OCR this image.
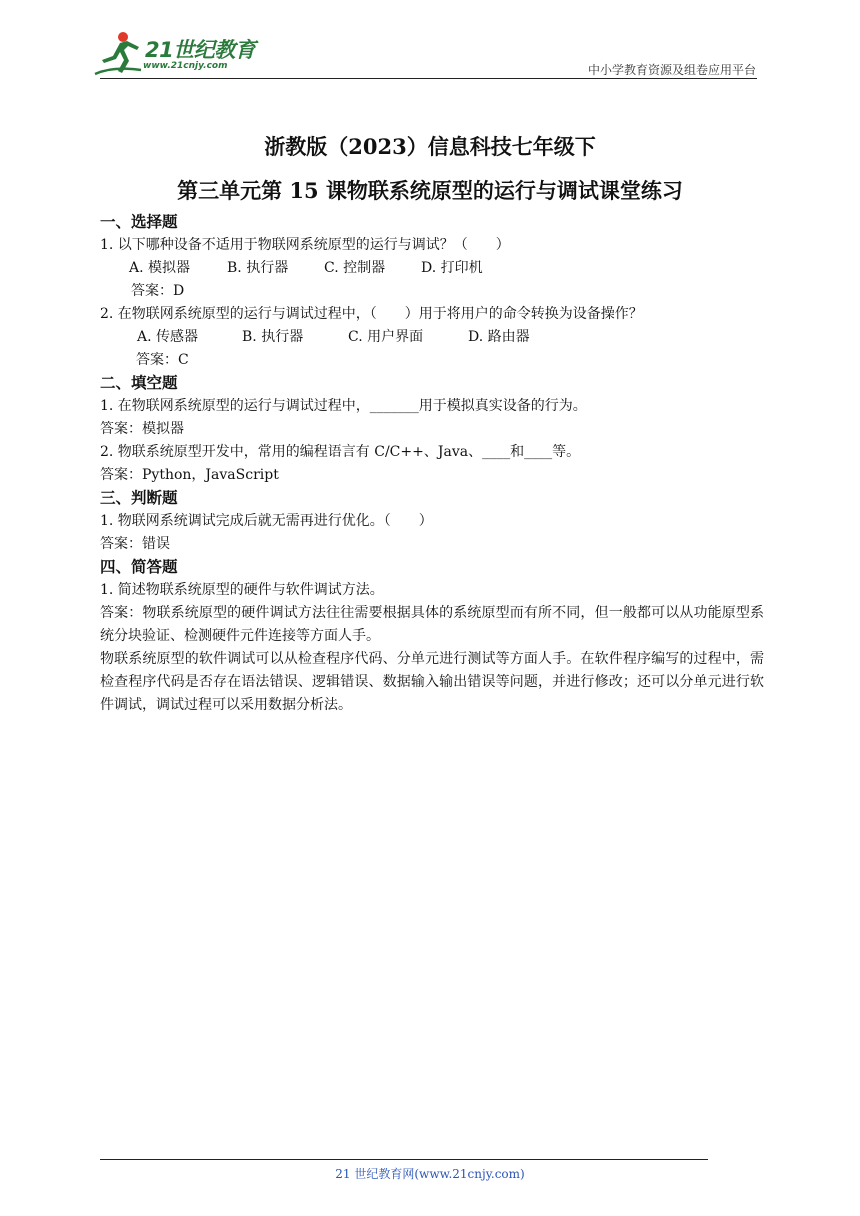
21世纪教育
www.21cnjy.com	中小学教育资源及组卷应用平台
浙教版（2023）信息科技七年级下
第三单元第 15 课物联系统原型的运行与调试课堂练习

一、选择题

1. 以下哪种设备不适用于物联网系统原型的运行与调试？（　　）

A. 模拟器	B. 执行器	C. 控制器	D. 打印机

答案：D

2. 在物联网系统原型的运行与调试过程中，（　　）用于将用户的命令转换为设备操作？

A. 传感器	B. 执行器	C. 用户界面	D. 路由器

答案：C

二、填空题

1. 在物联网系统原型的运行与调试过程中，_______用于模拟真实设备的行为。

答案：模拟器

2. 物联系统原型开发中，常用的编程语言有 C/C++、Java、____和____等。

答案：Python，JavaScript

三、判断题

1. 物联网系统调试完成后就无需再进行优化。（　　）

答案：错误

四、简答题

1. 简述物联系统原型的硬件与软件调试方法。

答案：物联系统原型的硬件调试方法往往需要根据具体的系统原型而有所不同，但一般都可以从功能原型系统分块验证、检测硬件元件连接等方面人手。

物联系统原型的软件调试可以从检查程序代码、分单元进行测试等方面人手。在软件程序编写的过程中，需检查程序代码是否存在语法错误、逻辑错误、数据输入输出错误等问题，并进行修改；还可以分单元进行软件调试，调试过程可以采用数据分析法。

21 世纪教育网(www.21cnjy.com)
